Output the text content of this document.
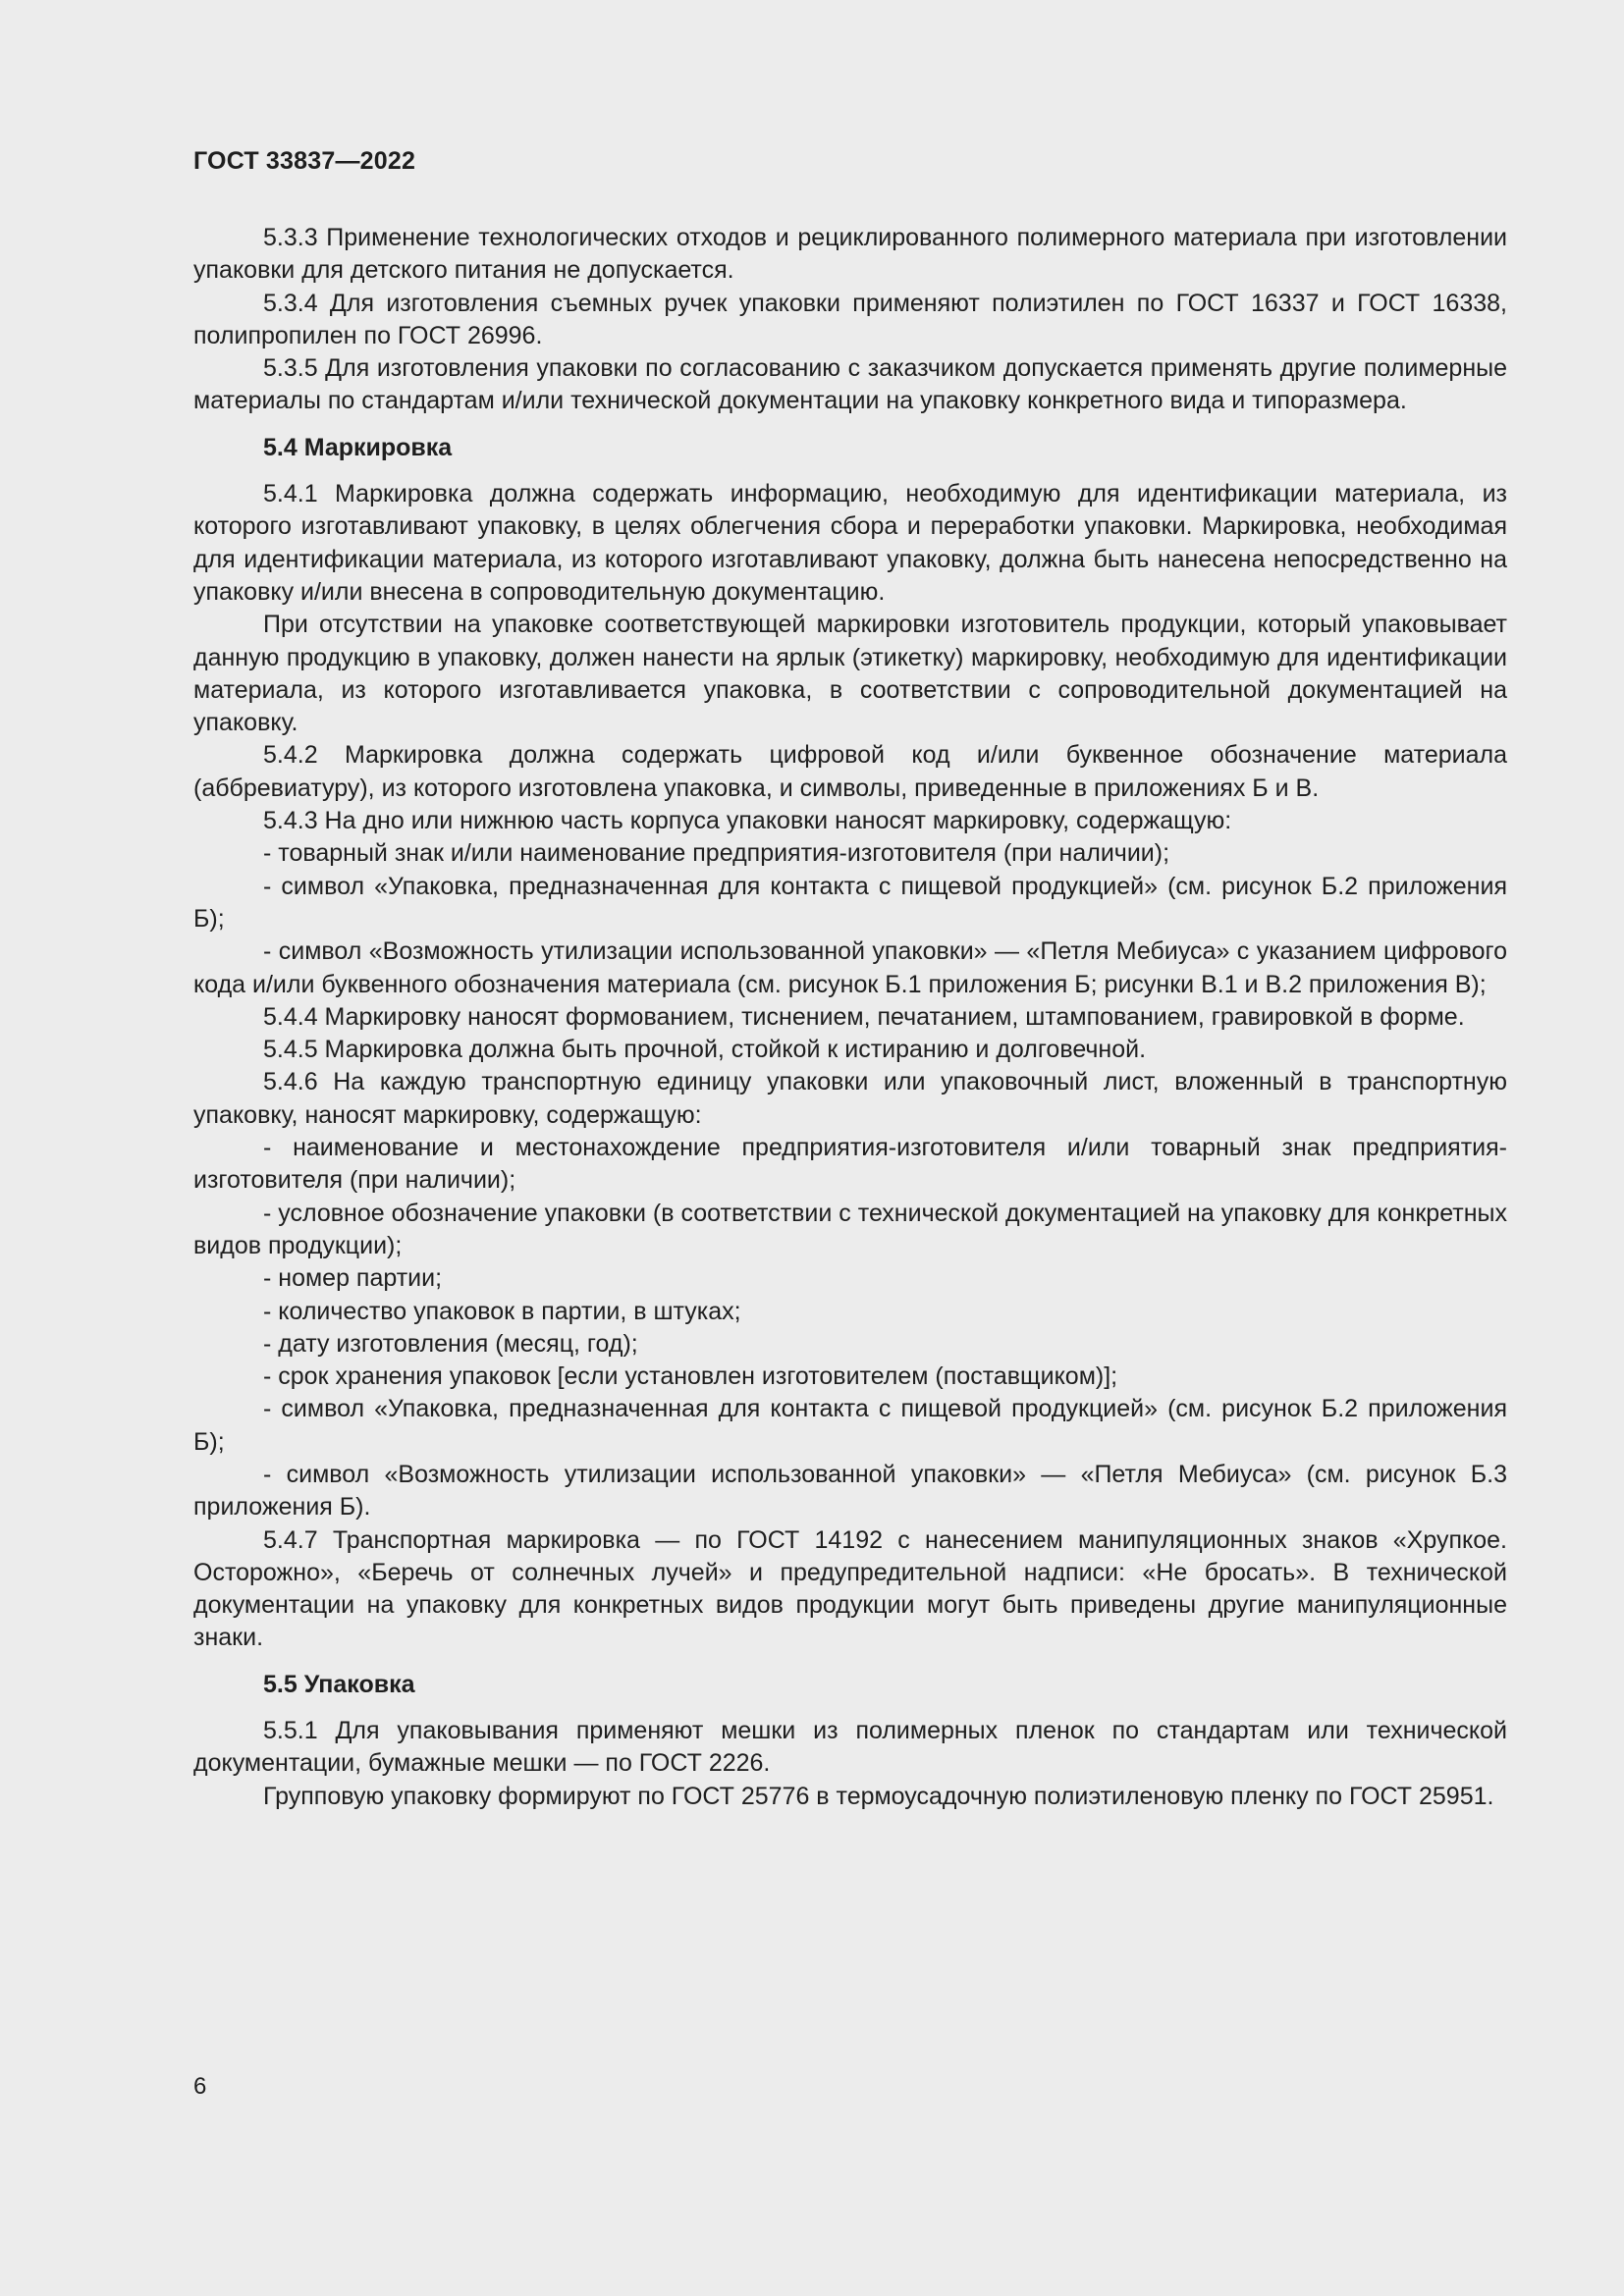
ГОСТ 33837—2022

5.3.3 Применение технологических отходов и рециклированного полимерного материала при изготовлении упаковки для детского питания не допускается.

5.3.4 Для изготовления съемных ручек упаковки применяют полиэтилен по ГОСТ 16337 и ГОСТ 16338, полипропилен по ГОСТ 26996.

5.3.5 Для изготовления упаковки по согласованию с заказчиком допускается применять другие полимерные материалы по стандартам и/или технической документации на упаковку конкретного вида и типоразмера.

5.4 Маркировка

5.4.1 Маркировка должна содержать информацию, необходимую для идентификации материала, из которого изготавливают упаковку, в целях облегчения сбора и переработки упаковки. Маркировка, необходимая для идентификации материала, из которого изготавливают упаковку, должна быть нанесена непосредственно на упаковку и/или внесена в сопроводительную документацию.

При отсутствии на упаковке соответствующей маркировки изготовитель продукции, который упаковывает данную продукцию в упаковку, должен нанести на ярлык (этикетку) маркировку, необходимую для идентификации материала, из которого изготавливается упаковка, в соответствии с сопроводительной документацией на упаковку.

5.4.2 Маркировка должна содержать цифровой код и/или буквенное обозначение материала (аббревиатуру), из которого изготовлена упаковка, и символы, приведенные в приложениях Б и В.

5.4.3 На дно или нижнюю часть корпуса упаковки наносят маркировку, содержащую:

- товарный знак и/или наименование предприятия-изготовителя (при наличии);

- символ «Упаковка, предназначенная для контакта с пищевой продукцией» (см. рисунок Б.2 приложения Б);

- символ «Возможность утилизации использованной упаковки» — «Петля Мебиуса» с указанием цифрового кода и/или буквенного обозначения материала (см. рисунок Б.1 приложения Б; рисунки В.1 и В.2 приложения В);

5.4.4 Маркировку наносят формованием, тиснением, печатанием, штампованием, гравировкой в форме.

5.4.5 Маркировка должна быть прочной, стойкой к истиранию и долговечной.

5.4.6 На каждую транспортную единицу упаковки или упаковочный лист, вложенный в транспортную упаковку, наносят маркировку, содержащую:

- наименование и местонахождение предприятия-изготовителя и/или товарный знак предприятия-изготовителя (при наличии);

- условное обозначение упаковки (в соответствии с технической документацией на упаковку для конкретных видов продукции);

- номер партии;

- количество упаковок в партии, в штуках;

- дату изготовления (месяц, год);

- срок хранения упаковок [если установлен изготовителем (поставщиком)];

- символ «Упаковка, предназначенная для контакта с пищевой продукцией» (см. рисунок Б.2 приложения Б);

- символ «Возможность утилизации использованной упаковки» — «Петля Мебиуса» (см. рисунок Б.3 приложения Б).

5.4.7 Транспортная маркировка — по ГОСТ 14192 с нанесением манипуляционных знаков «Хрупкое. Осторожно», «Беречь от солнечных лучей» и предупредительной надписи: «Не бросать». В технической документации на упаковку для конкретных видов продукции могут быть приведены другие манипуляционные знаки.

5.5 Упаковка

5.5.1 Для упаковывания применяют мешки из полимерных пленок по стандартам или технической документации, бумажные мешки — по ГОСТ 2226.

Групповую упаковку формируют по ГОСТ 25776 в термоусадочную полиэтиленовую пленку по ГОСТ 25951.

6
